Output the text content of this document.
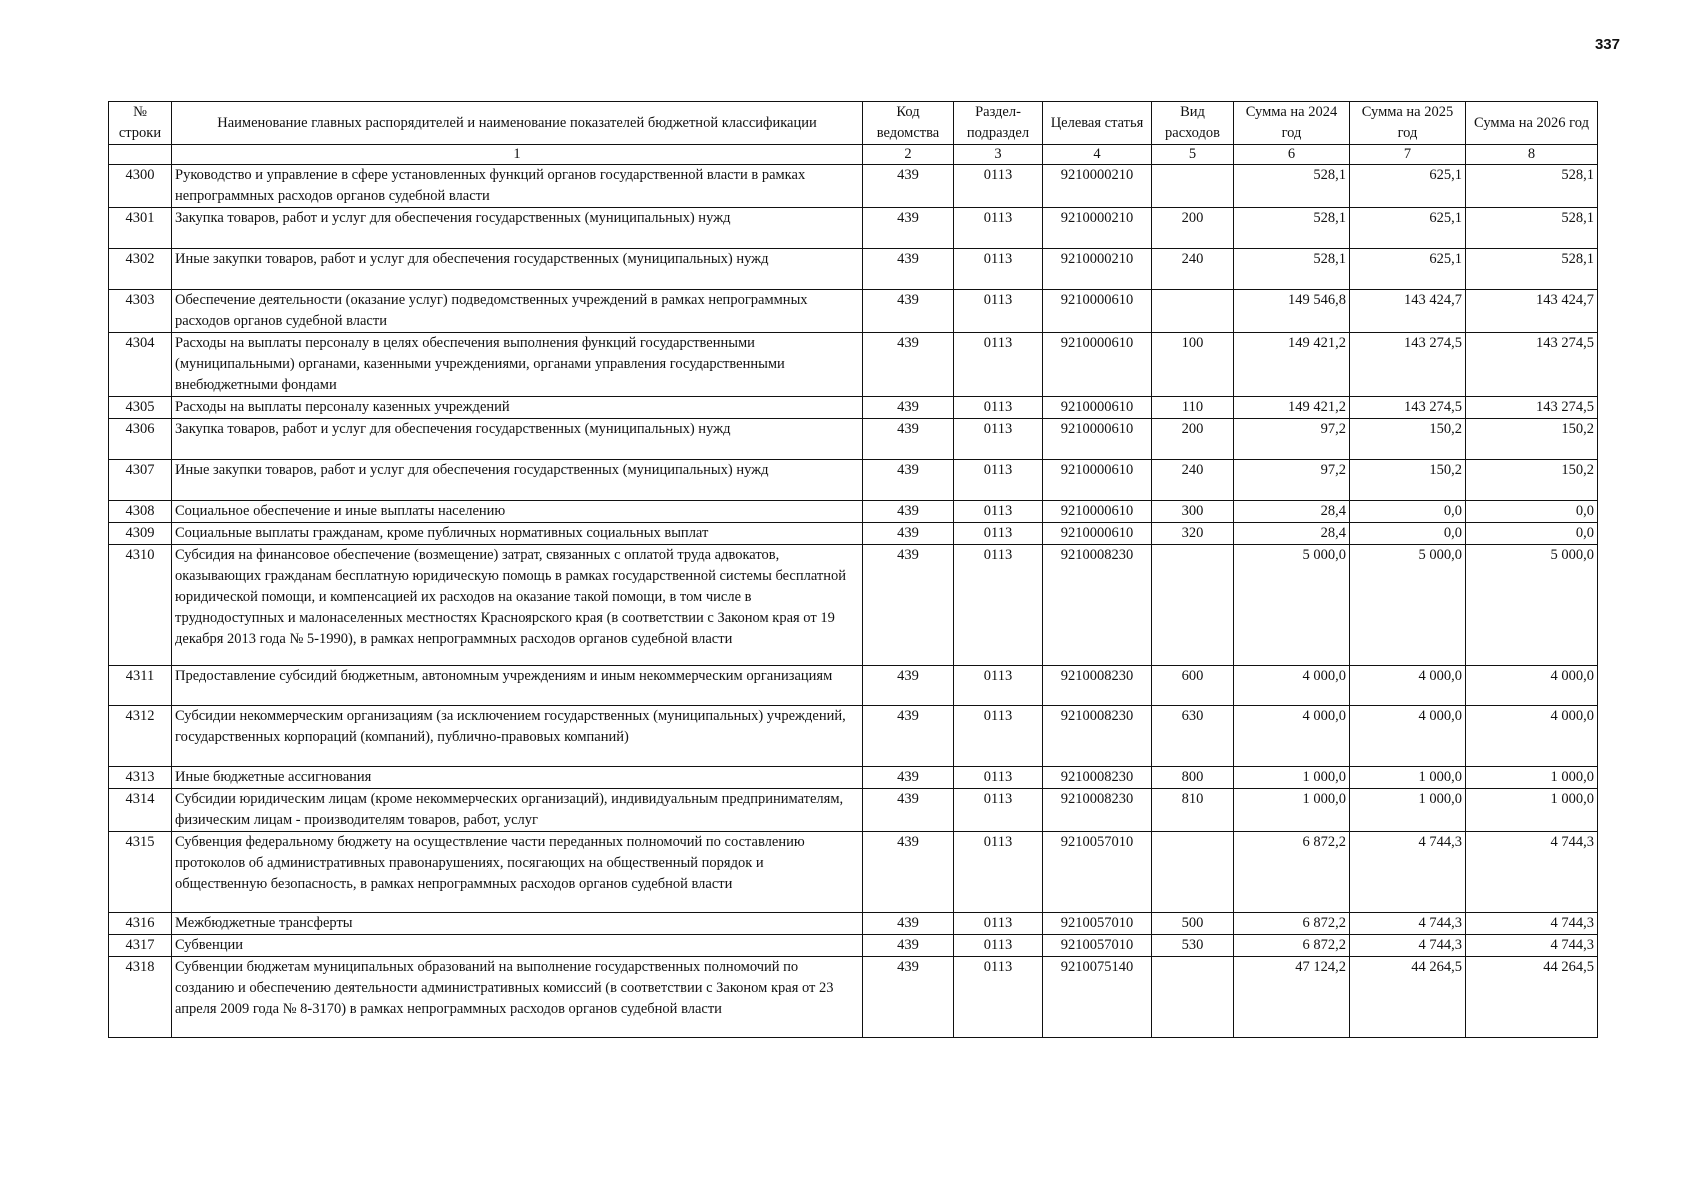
337
№ строки	Наименование главных распорядителей и наименование показателей бюджетной классификации	Код ведомства	Раздел-подраздел	Целевая статья	Вид расходов	Сумма на 2024 год	Сумма на 2025 год	Сумма на 2026 год
	1	2	3	4	5	6	7	8
4300	Руководство и управление в сфере установленных функций органов государственной власти в рамках непрограммных расходов органов судебной власти	439	0113	9210000210		528,1	625,1	528,1
4301	Закупка товаров, работ и услуг для обеспечения государственных (муниципальных) нужд	439	0113	9210000210	200	528,1	625,1	528,1
4302	Иные закупки товаров, работ и услуг для обеспечения государственных (муниципальных) нужд	439	0113	9210000210	240	528,1	625,1	528,1
4303	Обеспечение деятельности (оказание услуг) подведомственных учреждений в рамках непрограммных расходов органов судебной власти	439	0113	9210000610		149 546,8	143 424,7	143 424,7
4304	Расходы на выплаты персоналу в целях обеспечения выполнения функций государственными (муниципальными) органами, казенными учреждениями, органами управления государственными внебюджетными фондами	439	0113	9210000610	100	149 421,2	143 274,5	143 274,5
4305	Расходы на выплаты персоналу казенных учреждений	439	0113	9210000610	110	149 421,2	143 274,5	143 274,5
4306	Закупка товаров, работ и услуг для обеспечения государственных (муниципальных) нужд	439	0113	9210000610	200	97,2	150,2	150,2
4307	Иные закупки товаров, работ и услуг для обеспечения государственных (муниципальных) нужд	439	0113	9210000610	240	97,2	150,2	150,2
4308	Социальное обеспечение и иные выплаты населению	439	0113	9210000610	300	28,4	0,0	0,0
4309	Социальные выплаты гражданам, кроме публичных нормативных социальных выплат	439	0113	9210000610	320	28,4	0,0	0,0
4310	Субсидия на финансовое обеспечение (возмещение) затрат, связанных с оплатой труда адвокатов, оказывающих гражданам бесплатную юридическую помощь в рамках государственной системы бесплатной юридической помощи, и компенсацией их расходов на оказание такой помощи, в том числе в труднодоступных и малонаселенных местностях Красноярского края (в соответствии с Законом края от 19 декабря 2013 года № 5-1990), в рамках непрограммных расходов органов судебной власти	439	0113	9210008230		5 000,0	5 000,0	5 000,0
4311	Предоставление субсидий бюджетным, автономным учреждениям и иным некоммерческим организациям	439	0113	9210008230	600	4 000,0	4 000,0	4 000,0
4312	Субсидии некоммерческим организациям (за исключением государственных (муниципальных) учреждений, государственных корпораций (компаний), публично-правовых компаний)	439	0113	9210008230	630	4 000,0	4 000,0	4 000,0
4313	Иные бюджетные ассигнования	439	0113	9210008230	800	1 000,0	1 000,0	1 000,0
4314	Субсидии юридическим лицам (кроме некоммерческих организаций), индивидуальным предпринимателям, физическим лицам - производителям товаров, работ, услуг	439	0113	9210008230	810	1 000,0	1 000,0	1 000,0
4315	Субвенция федеральному бюджету на осуществление части переданных полномочий по составлению протоколов об административных правонарушениях, посягающих на общественный порядок и общественную безопасность, в рамках непрограммных расходов органов судебной власти	439	0113	9210057010		6 872,2	4 744,3	4 744,3
4316	Межбюджетные трансферты	439	0113	9210057010	500	6 872,2	4 744,3	4 744,3
4317	Субвенции	439	0113	9210057010	530	6 872,2	4 744,3	4 744,3
4318	Субвенции бюджетам муниципальных образований на выполнение государственных полномочий по созданию и обеспечению деятельности административных комиссий (в соответствии с Законом края от 23 апреля 2009 года № 8-3170) в рамках непрограммных расходов органов судебной власти	439	0113	9210075140		47 124,2	44 264,5	44 264,5
